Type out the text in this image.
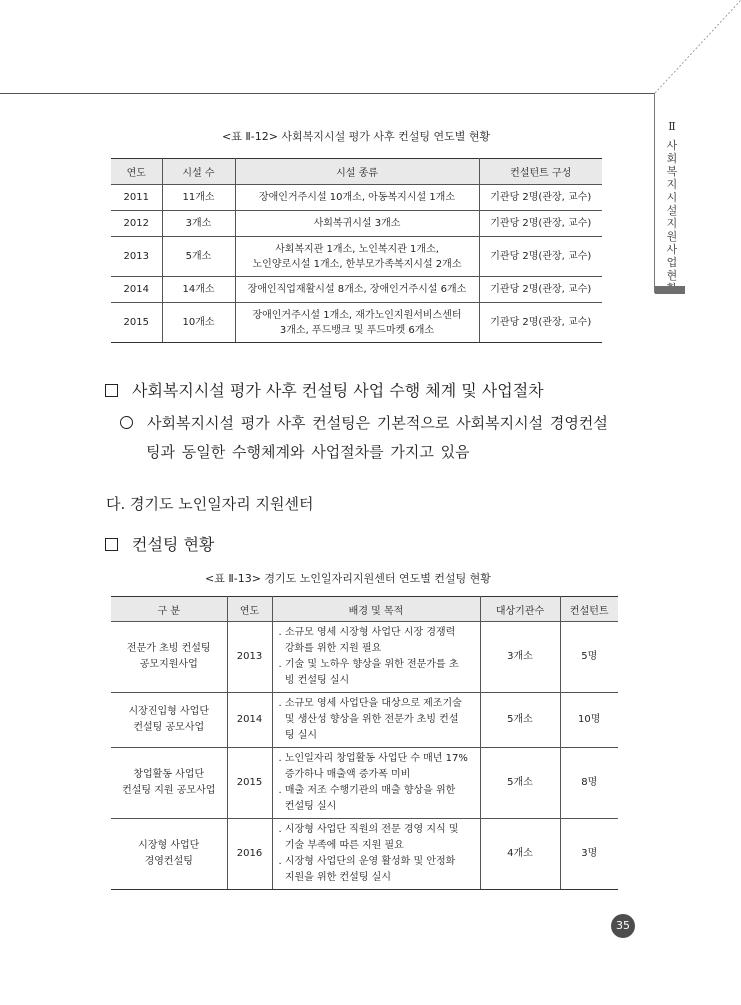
Ⅱ
사회복지시설 지원사업 현
<표 Ⅱ-12> 사회복지시설 평가 사후 컨설팅 연도별 현황
연도	시설 수	시설 종류	컨설턴트 구성
2011	11개소	장애인거주시설 10개소, 아동복지시설 1개소	기관당 2명(관장, 교수)
2012	3개소	사회복귀시설 3개소	기관당 2명(관장, 교수)
2013	5개소	사회복지관 1개소, 노인복지관 1개소,
노인양로시설 1개소, 한부모가족복지시설 2개소	기관당 2명(관장, 교수)
2014	14개소	장애인직업재활시설 8개소, 장애인거주시설 6개소	기관당 2명(관장, 교수)
2015	10개소	장애인거주시설 1개소, 재가노인지원서비스센터
3개소, 푸드뱅크 및 푸드마켓 6개소	기관당 2명(관장, 교수)
사회복지시설 평가 사후 컨설팅 사업 수행 체계 및 사업절차
사회복지시설 평가 사후 컨설팅은 기본적으로 사회복지시설 경영컨설
팅과 동일한 수행체계와 사업절차를 가지고 있음
다. 경기도 노인일자리 지원센터
컨설팅 현황
<표 Ⅱ-13> 경기도 노인일자리지원센터 연도별 컨설팅 현황
구 분	연도	배경 및 목적	대상기관수	컨설턴트
전문가 초빙 컨설팅
공모지원사업	2013	. 소규모 영세 시장형 사업단 시장 경쟁력
강화를 위한 지원 필요
. 기술 및 노하우 향상을 위한 전문가를 초
빙 컨설팅 실시	3개소	5명
시장진입형 사업단
컨설팅 공모사업	2014	. 소규모 영세 사업단을 대상으로 제조기술
및 생산성 향상을 위한 전문가 초빙 컨설
팅 실시	5개소	10명
창업활동 사업단
컨설팅 지원 공모사업	2015	. 노인일자리 창업활동 사업단 수 매년 17%
증가하나 매출액 증가폭 미비
. 매출 저조 수행기관의 매출 향상을 위한
컨설팅 실시	5개소	8명
시장형 사업단
경영컨설팅	2016	. 시장형 사업단 직원의 전문 경영 지식 및
기술 부족에 따른 지원 필요
. 시장형 사업단의 운영 활성화 및 안정화
지원을 위한 컨설팅 실시	4개소	3명
35
